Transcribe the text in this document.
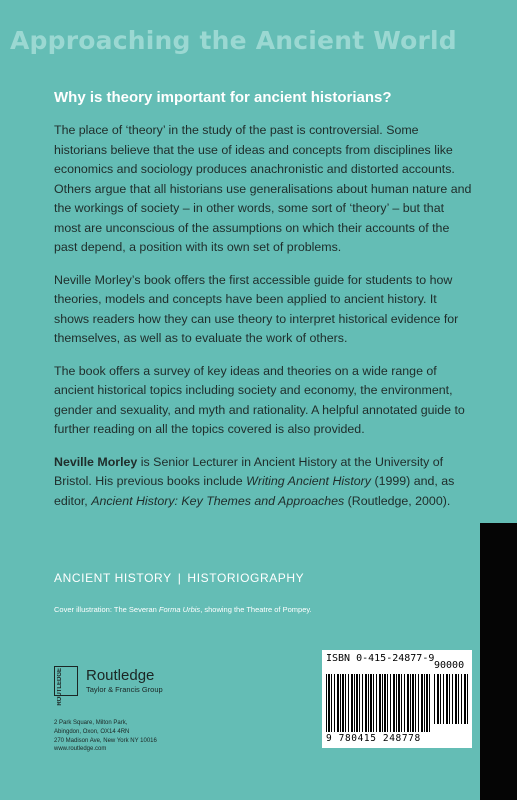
Approaching the Ancient World
Why is theory important for ancient historians?

The place of ‘theory’ in the study of the past is controversial. Some historians believe that the use of ideas and concepts from disciplines like economics and sociology produces anachronistic and distorted accounts. Others argue that all historians use generalisations about human nature and the workings of society – in other words, some sort of ‘theory’ – but that most are unconscious of the assumptions on which their accounts of the past depend, a position with its own set of problems.

Neville Morley’s book offers the first accessible guide for students to how theories, models and concepts have been applied to ancient history. It shows readers how they can use theory to interpret historical evidence for themselves, as well as to evaluate the work of others.

The book offers a survey of key ideas and theories on a wide range of ancient historical topics including society and economy, the environment, gender and sexuality, and myth and rationality. A helpful annotated guide to further reading on all the topics covered is also provided.

Neville Morley is Senior Lecturer in Ancient History at the University of Bristol. His previous books include Writing Ancient History (1999) and, as editor, Ancient History: Key Themes and Approaches (Routledge, 2000).

ANCIENT HISTORY | HISTORIOGRAPHY
Cover illustration: The Severan Forma Urbis, showing the Theatre of Pompey.
ROUTLEDGE Routledge
Taylor & Francis Group
2 Park Square, Milton Park,
Abingdon, Oxon, OX14 4RN
270 Madison Ave, New York NY 10016
www.routledge.com
ISBN 0-415-24877-9
90000
9 780415 248778
